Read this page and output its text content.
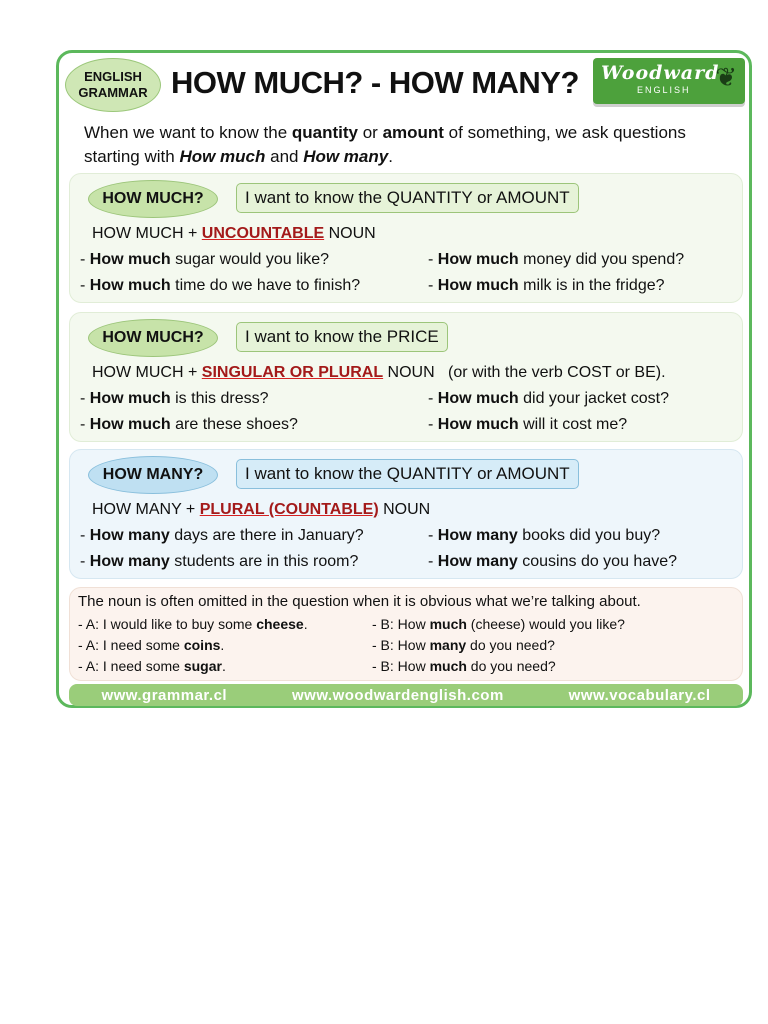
ENGLISH
GRAMMAR HOW MUCH? - HOW MANY? Woodward
ENGLISH ❦
When we want to know the quantity or amount of something, we ask questions starting with How much and How many.
HOW MUCH?	I want to know the QUANTITY or AMOUNT
HOW MUCH + UNCOUNTABLE NOUN
- How much sugar would you like?	- How much money did you spend?
- How much time do we have to finish?	- How much milk is in the fridge?
HOW MUCH?	I want to know the PRICE
HOW MUCH + SINGULAR OR PLURAL NOUN   (or with the verb COST or BE).
- How much is this dress?	- How much did your jacket cost?
- How much are these shoes?	- How much will it cost me?
HOW MANY?	I want to know the QUANTITY or AMOUNT
HOW MANY + PLURAL (COUNTABLE) NOUN
- How many days are there in January?	- How many books did you buy?
- How many students are in this room?	- How many cousins do you have?
The noun is often omitted in the question when it is obvious what we’re talking about.
- A: I would like to buy some cheese.	- B: How much (cheese) would you like?
- A: I need some coins.	- B: How many do you need?
- A: I need some sugar.	- B: How much do you need?
www.grammar.cl	www.woodwardenglish.com	www.vocabulary.cl
